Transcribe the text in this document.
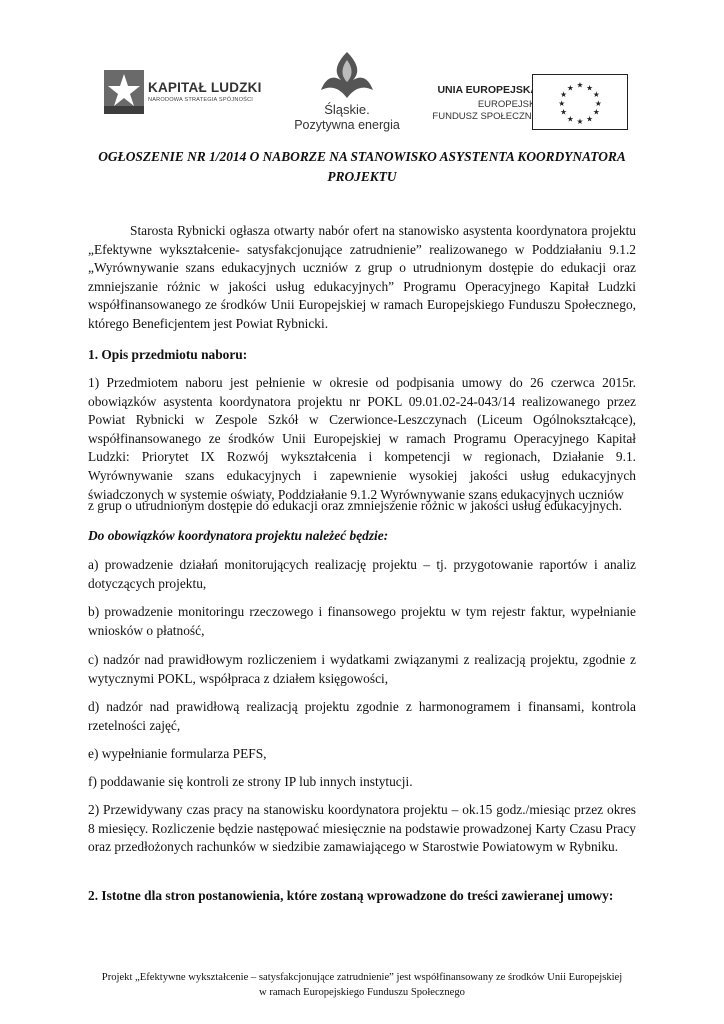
KAPITAŁ LUDZKI
NARODOWA STRATEGIA SPÓJNOŚCI
Śląskie.
Pozytywna energia
UNIA EUROPEJSKA
EUROPEJSKI
FUNDUSZ SPOŁECZNY
★ ★
★
★
★
★
★
★
★
★
★
★
OGŁOSZENIE NR 1/2014 O NABORZE NA STANOWISKO ASYSTENTA KOORDYNATORA PROJEKTU

Starosta Rybnicki ogłasza otwarty nabór ofert na stanowisko asystenta koordynatora projektu „Efektywne wykształcenie- satysfakcjonujące zatrudnienie” realizowanego w Poddziałaniu 9.1.2 „Wyrównywanie szans edukacyjnych uczniów z grup o utrudnionym dostępie do edukacji oraz zmniejszanie różnic w jakości usług edukacyjnych” Programu Operacyjnego Kapitał Ludzki współfinansowanego ze środków Unii Europejskiej w ramach Europejskiego Funduszu Społecznego, którego Beneficjentem jest Powiat Rybnicki.

1. Opis przedmiotu naboru:

1) Przedmiotem naboru jest pełnienie w okresie od podpisania umowy do 26 czerwca 2015r. obowiązków asystenta koordynatora projektu nr POKL 09.01.02-24-043/14 realizowanego przez Powiat Rybnicki w Zespole Szkół w Czerwionce-Leszczynach (Liceum Ogólnokształcące), współfinansowanego ze środków Unii Europejskiej w ramach Programu Operacyjnego Kapitał Ludzki: Priorytet IX Rozwój wykształcenia i kompetencji w regionach, Działanie 9.1. Wyrównywanie szans edukacyjnych i zapewnienie wysokiej jakości usług edukacyjnych świadczonych w systemie oświaty, Poddziałanie 9.1.2 Wyrównywanie szans edukacyjnych uczniów

z grup o utrudnionym dostępie do edukacji oraz zmniejszenie różnic w jakości usług edukacyjnych.

Do obowiązków koordynatora projektu należeć będzie:

a) prowadzenie działań monitorujących realizację projektu – tj. przygotowanie raportów i analiz dotyczących projektu,

b) prowadzenie monitoringu rzeczowego i finansowego projektu w tym rejestr faktur, wypełnianie wniosków o płatność,

c) nadzór nad prawidłowym rozliczeniem i wydatkami związanymi z realizacją projektu, zgodnie z wytycznymi POKL, współpraca z działem księgowości,

d) nadzór nad prawidłową realizacją projektu zgodnie z harmonogramem i finansami, kontrola rzetelności zajęć,

e) wypełnianie formularza PEFS,

f) poddawanie się kontroli ze strony IP lub innych instytucji.

2) Przewidywany czas pracy na stanowisku koordynatora projektu – ok.15 godz./miesiąc przez okres 8 miesięcy. Rozliczenie będzie następować miesięcznie na podstawie prowadzonej Karty Czasu Pracy oraz przedłożonych rachunków w siedzibie zamawiającego w Starostwie Powiatowym w Rybniku.

2. Istotne dla stron postanowienia, które zostaną wprowadzone do treści zawieranej umowy:

Projekt „Efektywne wykształcenie – satysfakcjonujące zatrudnienie” jest współfinansowany ze środków Unii Europejskiej
w ramach Europejskiego Funduszu Społecznego
